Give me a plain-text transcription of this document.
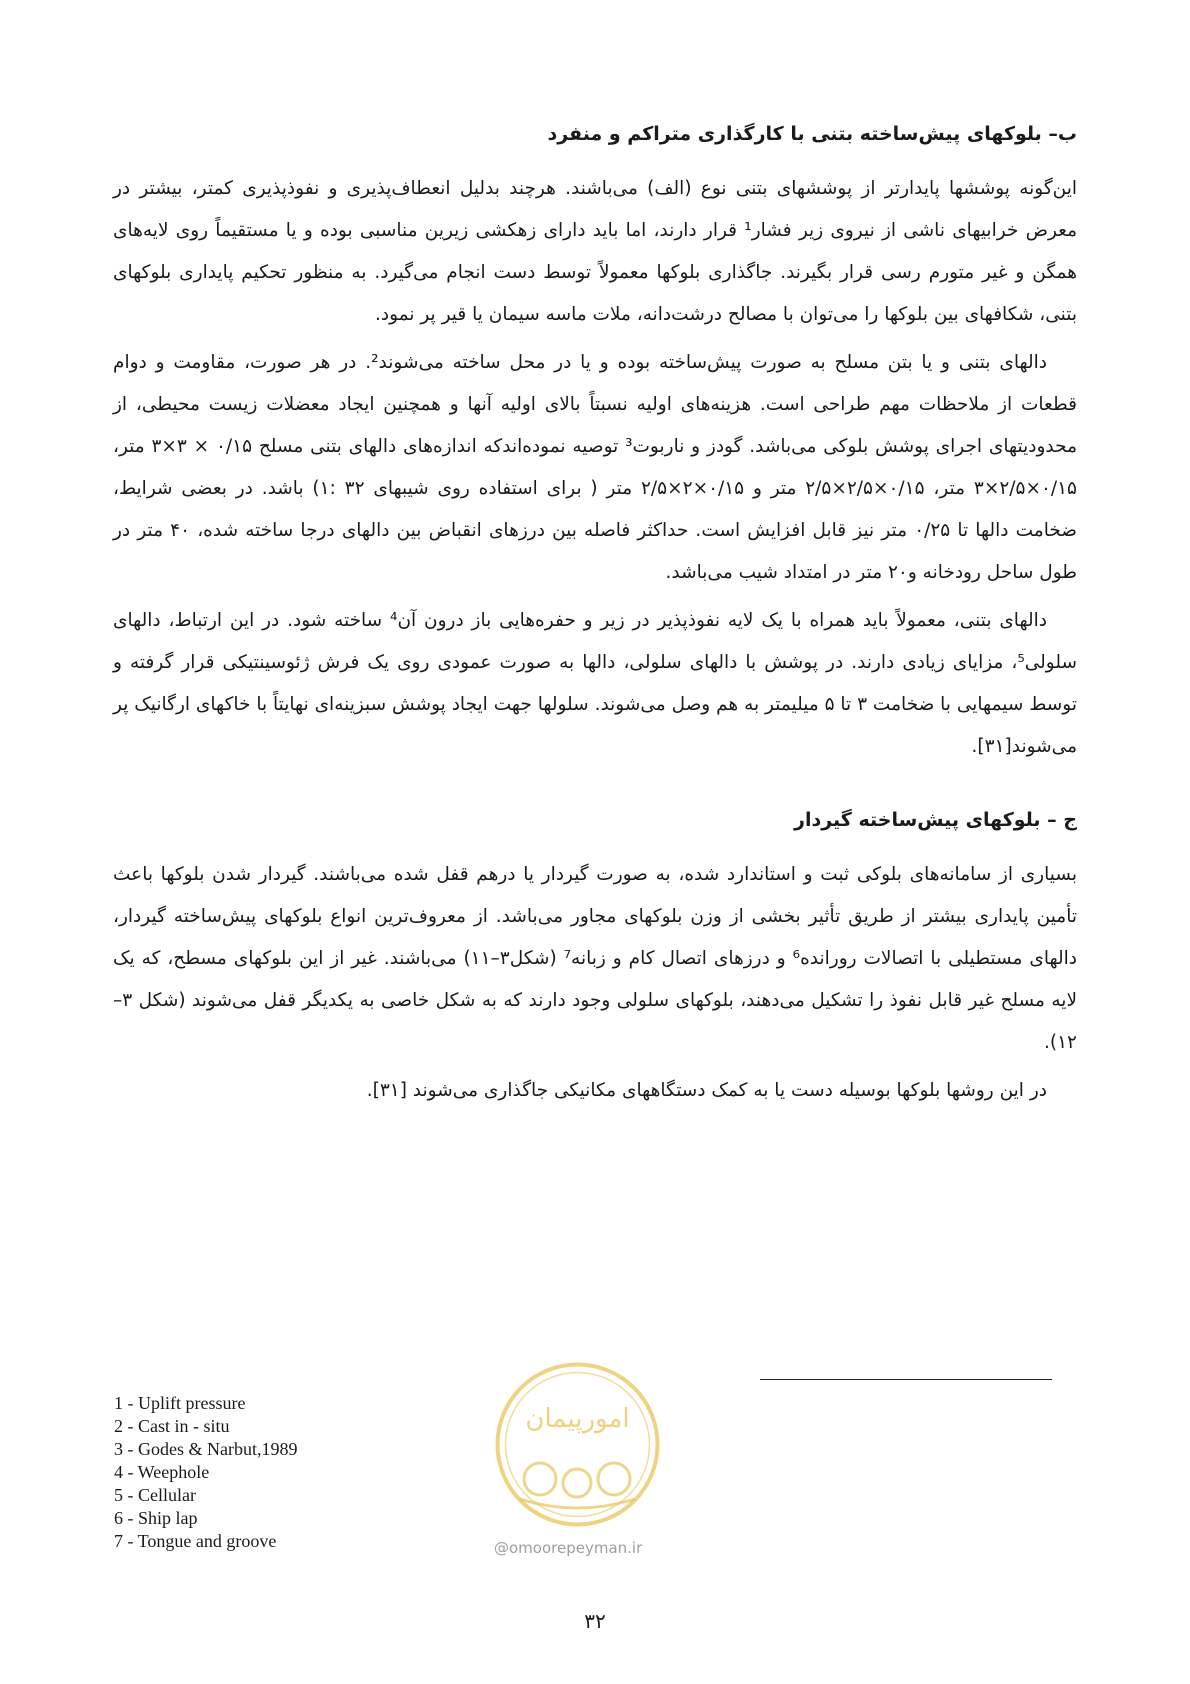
ب– بلوکهای پیش‌ساخته بتنی با کارگذاری متراکم و منفرد

این‌گونه پوششها پایدارتر از پوششهای بتنی نوع (الف) می‌باشند. هرچند بدلیل انعطاف‌پذیری و نفوذپذیری کمتر، بیشتر در معرض خرابیهای ناشی از نیروی زیر فشار¹ قرار دارند، اما باید دارای زهکشی زیرین مناسبی بوده و یا مستقیماً روی لایه‌های همگن و غیر متورم رسی قرار بگیرند. جاگذاری بلوکها معمولاً توسط دست انجام می‌گیرد. به منظور تحکیم پایداری بلوکهای بتنی، شکافهای بین بلوکها را می‌توان با مصالح درشت‌دانه، ملات ماسه سیمان یا قیر پر نمود.

دالهای بتنی و یا بتن مسلح به صورت پیش‌ساخته بوده و یا در محل ساخته می‌شوند². در هر صورت، مقاومت و دوام قطعات از ملاحظات مهم طراحی است. هزینه‌های اولیه نسبتاً بالای اولیه آنها و همچنین ایجاد معضلات زیست محیطی، از محدودیتهای اجرای پوشش بلوکی می‌باشد. گودز و ناربوت³ توصیه نموده‌اندکه اندازه‌های دالهای بتنی مسلح ۰/۱۵ × ۳×۳ متر، ۰/۱۵×۲/۵×۳ متر، ۰/۱۵×۲/۵×۲/۵ متر و ۰/۱۵×۲×۲/۵ متر ( برای استفاده روی شیبهای ۳۲ :۱) باشد. در بعضی شرایط، ضخامت دالها تا ۰/۲۵ متر نیز قابل افزایش است. حداکثر فاصله بین درزهای انقباض بین دالهای درجا ساخته شده، ۴۰ متر در طول ساحل رودخانه و۲۰ متر در امتداد شیب می‌باشد.

دالهای بتنی، معمولاً باید همراه با یک لایه نفوذپذیر در زیر و حفره‌هایی باز درون آن⁴ ساخته شود. در این ارتباط، دالهای سلولی⁵، مزایای زیادی دارند. در پوشش با دالهای سلولی، دالها به صورت عمودی روی یک فرش ژئوسینتیکی قرار گرفته و توسط سیمهایی با ضخامت ۳ تا ۵ میلیمتر به هم وصل می‌شوند. سلولها جهت ایجاد پوشش سبزینه‌ای نهایتاً با خاکهای ارگانیک پر می‌شوند[۳۱].

ج – بلوکهای پیش‌ساخته گیردار

بسیاری از سامانه‌های بلوکی ثبت و استاندارد شده، به صورت گیردار یا درهم قفل شده می‌باشند. گیردار شدن بلوکها باعث تأمین پایداری بیشتر از طریق تأثیر بخشی از وزن بلوکهای مجاور می‌باشد. از معروف‌ترین انواع بلوکهای پیش‌ساخته گیردار، دالهای مستطیلی با اتصالات رورانده⁶ و درزهای اتصال کام و زبانه⁷ (شکل۳–۱۱) می‌باشند. غیر از این بلوکهای مسطح، که یک لایه مسلح غیر قابل نفوذ را تشکیل می‌دهند، بلوکهای سلولی وجود دارند که به شکل خاصی به یکدیگر قفل می‌شوند (شکل ۳–۱۲).

در این روشها بلوکها بوسیله دست یا به کمک دستگاههای مکانیکی جاگذاری می‌شوند [۳۱].

1 - Uplift pressure
2 - Cast in - situ
3 - Godes & Narbut,1989
4 - Weephole
5 - Cellular
6 - Ship lap
7 - Tongue and groove
امورپیمان
@omoorepeyman.ir
۳۲
